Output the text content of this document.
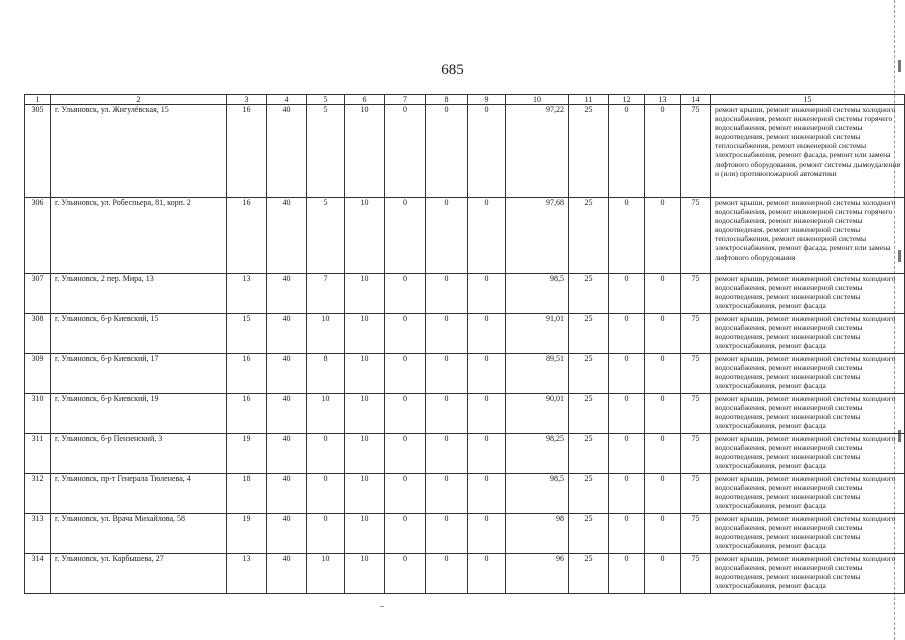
685
1	2	3	4	5	6	7	8	9	10	11	12	13	14	15
305	г. Ульяновск, ул. Жигулёвская, 15	16	40	5	10	0	0	0	97,22	25	0	0	75	ремонт крыши, ремонт инженерной системы холодного водоснабжения, ремонт инженерной системы горячего водоснабжения, ремонт инженерной системы водоотведения, ремонт инженерной системы теплоснабжения, ремонт инженерной системы электроснабжения, ремонт фасада, ремонт или замена лифтового оборудования, ремонт системы дымоудаления и (или) противопожарной автоматики
306	г. Ульяновск, ул. Робеспьера, 81, корп. 2	16	40	5	10	0	0	0	97,68	25	0	0	75	ремонт крыши, ремонт инженерной системы холодного водоснабжения, ремонт инженерной системы горячего водоснабжения, ремонт инженерной системы водоотведения, ремонт инженерной системы теплоснабжения, ремонт инженерной системы электроснабжения, ремонт фасада, ремонт или замена лифтового оборудования
307	г. Ульяновск, 2 пер. Мира, 13	13	40	7	10	0	0	0	98,5	25	0	0	75	ремонт крыши, ремонт инженерной системы холодного водоснабжения, ремонт инженерной системы водоотведения, ремонт инженерной системы электроснабжения, ремонт фасада
308	г. Ульяновск, б-р Киевский, 15	15	40	10	10	0	0	0	91,01	25	0	0	75	ремонт крыши, ремонт инженерной системы холодного водоснабжения, ремонт инженерной системы водоотведения, ремонт инженерной системы электроснабжения, ремонт фасада
309	г. Ульяновск, б-р Киевский, 17	16	40	8	10	0	0	0	89,51	25	0	0	75	ремонт крыши, ремонт инженерной системы холодного водоснабжения, ремонт инженерной системы водоотведения, ремонт инженерной системы электроснабжения, ремонт фасада
310	г. Ульяновск, б-р Киевский, 19	16	40	10	10	0	0	0	90,01	25	0	0	75	ремонт крыши, ремонт инженерной системы холодного водоснабжения, ремонт инженерной системы водоотведения, ремонт инженерной системы электроснабжения, ремонт фасада
311	г. Ульяновск, б-р Пензенский, 3	19	40	0	10	0	0	0	98,25	25	0	0	75	ремонт крыши, ремонт инженерной системы холодного водоснабжения, ремонт инженерной системы водоотведения, ремонт инженерной системы электроснабжения, ремонт фасада
312	г. Ульяновск, пр-т Генерала Тюленева, 4	18	40	0	10	0	0	0	98,5	25	0	0	75	ремонт крыши, ремонт инженерной системы холодного водоснабжения, ремонт инженерной системы водоотведения, ремонт инженерной системы электроснабжения, ремонт фасада
313	г. Ульяновск, ул. Врача Михайлова, 58	19	40	0	10	0	0	0	98	25	0	0	75	ремонт крыши, ремонт инженерной системы холодного водоснабжения, ремонт инженерной системы водоотведения, ремонт инженерной системы электроснабжения, ремонт фасада
314	г. Ульяновск, ул. Карбышева, 27	13	40	10	10	0	0	0	96	25	0	0	75	ремонт крыши, ремонт инженерной системы холодного водоснабжения, ремонт инженерной системы водоотведения, ремонт инженерной системы электроснабжения, ремонт фасада
